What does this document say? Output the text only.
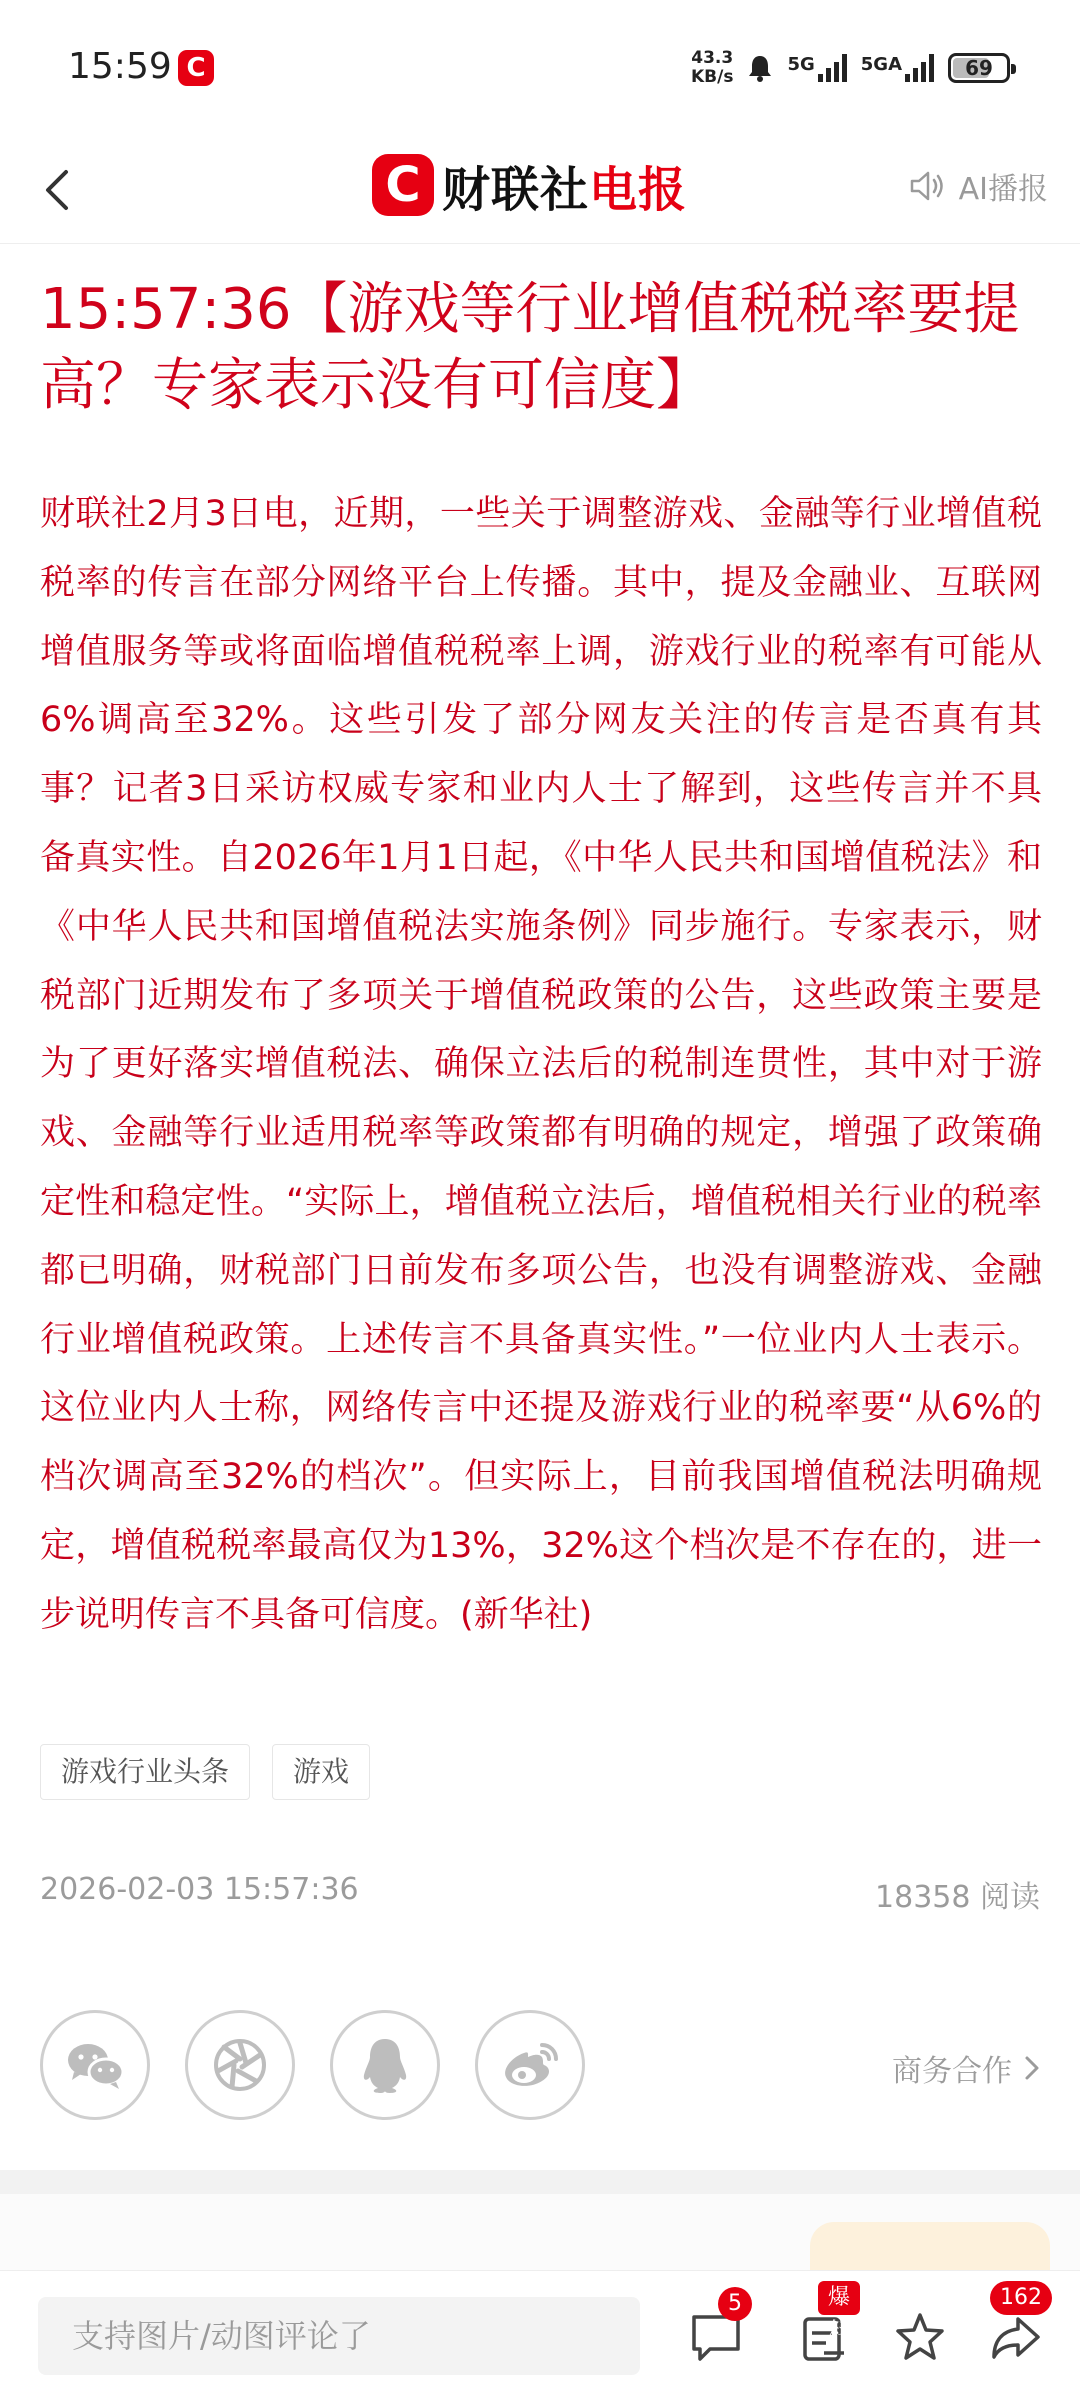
15:59 C	43.3
KB/s
5G	5GA	69
C 财联社电报	AI播报
15:57:36【游戏等行业增值税税率要提高？专家表示没有可信度】
财联社2月3日电，近期，一些关于调整游戏、金融等行业增值税税率的传言在部分网络平台上传播。其中，提及金融业、互联网增值服务等或将面临增值税税率上调，游戏行业的税率有可能从6%调高至32%。这些引发了部分网友关注的传言是否真有其事？记者3日采访权威专家和业内人士了解到，这些传言并不具备真实性。自2026年1月1日起，《中华人民共和国增值税法》和《中华人民共和国增值税法实施条例》同步施行。专家表示，财税部门近期发布了多项关于增值税政策的公告，这些政策主要是为了更好落实增值税法、确保立法后的税制连贯性，其中对于游戏、金融等行业适用税率等政策都有明确的规定，增强了政策确定性和稳定性。“实际上，增值税立法后，增值税相关行业的税率都已明确，财税部门日前发布多项公告，也没有调整游戏、金融行业增值税政策。上述传言不具备真实性。”一位业内人士表示。这位业内人士称，网络传言中还提及游戏行业的税率要“从6%的档次调高至32%的档次”。但实际上，目前我国增值税法明确规定，增值税税率最高仅为13%，32%这个档次是不存在的，进一步说明传言不具备可信度。(新华社)
游戏行业头条	游戏
2026-02-03 15:57:36	18358 阅读
商务合作
支持图片/动图评论了
5	爆料
162
